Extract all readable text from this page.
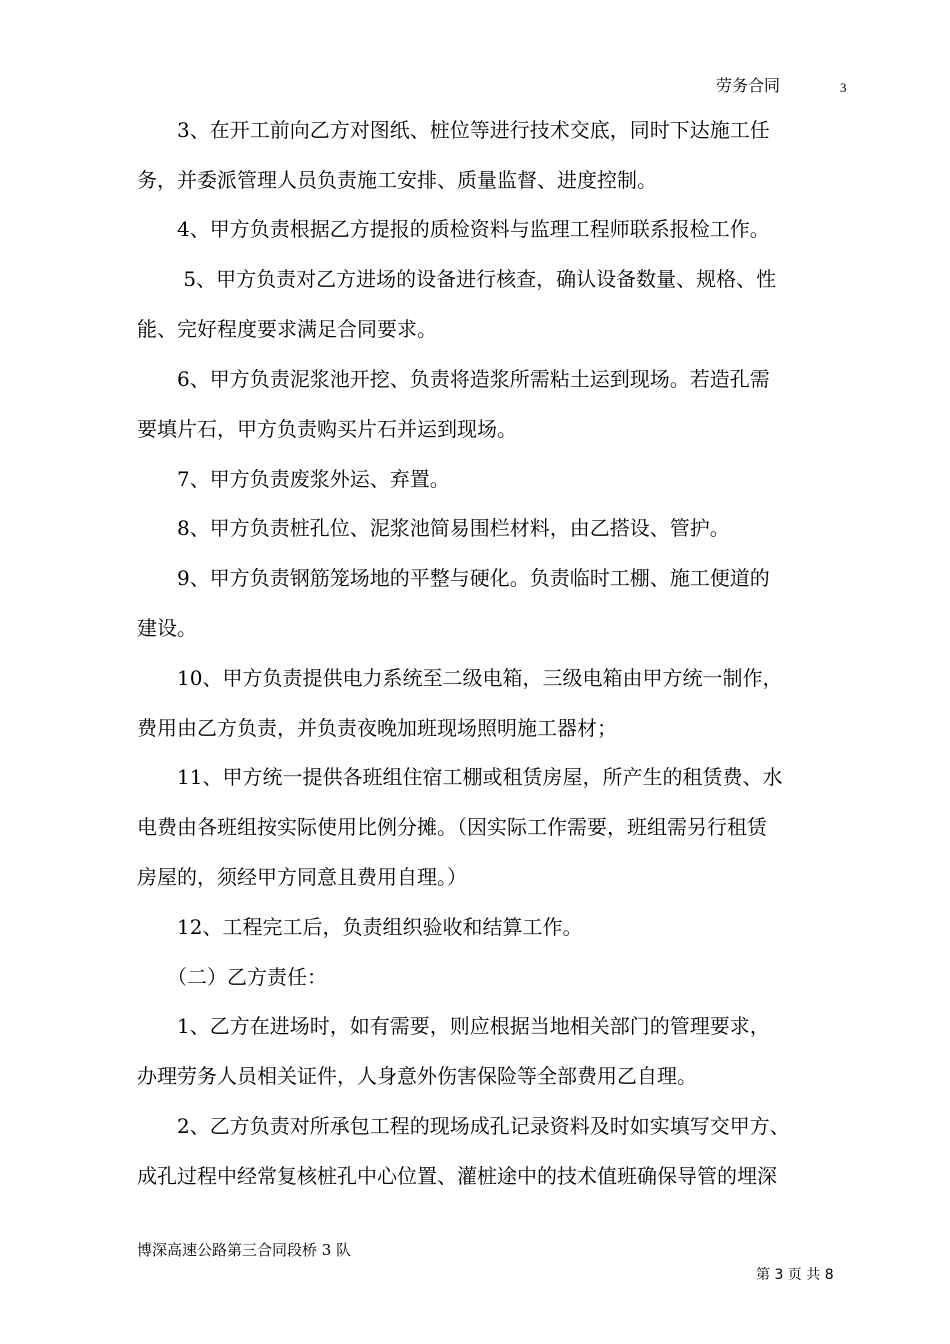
劳务合同	3
　　3、在开工前向乙方对图纸、桩位等进行技术交底，同时下达施工任
务，并委派管理人员负责施工安排、质量监督、进度控制。
　　4、甲方负责根据乙方提报的质检资料与监理工程师联系报检工作。
　　 5、甲方负责对乙方进场的设备进行核查，确认设备数量、规格、性
能、完好程度要求满足合同要求。
　　6、甲方负责泥浆池开挖、负责将造浆所需粘土运到现场。若造孔需
要填片石，甲方负责购买片石并运到现场。
　　7、甲方负责废浆外运、弃置。
　　8、甲方负责桩孔位、泥浆池简易围栏材料，由乙搭设、管护。
　　9、甲方负责钢筋笼场地的平整与硬化。负责临时工棚、施工便道的
建设。
　　10、甲方负责提供电力系统至二级电箱，三级电箱由甲方统一制作，
费用由乙方负责，并负责夜晚加班现场照明施工器材；
　　11、甲方统一提供各班组住宿工棚或租赁房屋，所产生的租赁费、水
电费由各班组按实际使用比例分摊。（因实际工作需要，班组需另行租赁
房屋的，须经甲方同意且费用自理。）
　　12、工程完工后，负责组织验收和结算工作。
　　（二）乙方责任：
　　1、乙方在进场时，如有需要，则应根据当地相关部门的管理要求，
办理劳务人员相关证件，人身意外伤害保险等全部费用乙自理。
　　2、乙方负责对所承包工程的现场成孔记录资料及时如实填写交甲方、
成孔过程中经常复核桩孔中心位置、灌桩途中的技术值班确保导管的埋深
博深高速公路第三合同段桥 3 队
第 3 页 共 8
